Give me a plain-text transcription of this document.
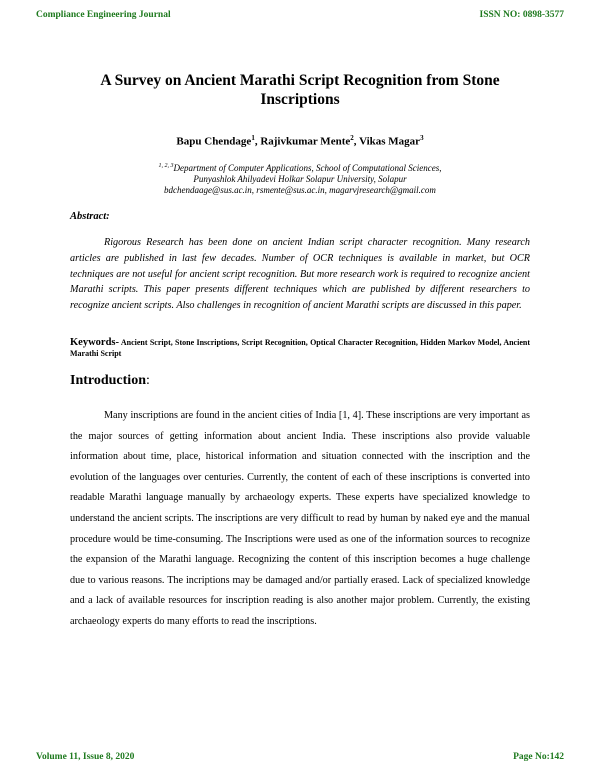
Compliance Engineering Journal	ISSN NO: 0898-3577
A Survey on Ancient Marathi Script Recognition from Stone Inscriptions
Bapu Chendage$^1$, Rajivkumar Mente$^2$, Vikas Magar$^3$
$^{1, 2, 3}$Department of Computer Applications, School of Computational Sciences,
Punyashlok Ahilyadevi Holkar Solapur University, Solapur
bdchendaage@sus.ac.in, rsmente@sus.ac.in, magarvjresearch@gmail.com
Abstract:
Rigorous Research has been done on ancient Indian script character recognition. Many research articles are published in last few decades. Number of OCR techniques is available in market, but OCR techniques are not useful for ancient script recognition. But more research work is required to recognize ancient Marathi scripts. This paper presents different techniques which are published by different researchers to recognize ancient scripts. Also challenges in recognition of ancient Marathi scripts are discussed in this paper.
Keywords- Ancient Script, Stone Inscriptions, Script Recognition, Optical Character Recognition, Hidden Markov Model, Ancient Marathi Script
Introduction:
Many inscriptions are found in the ancient cities of India [1, 4]. These inscriptions are very important as the major sources of getting information about ancient India. These inscriptions also provide valuable information about time, place, historical information and situation connected with the inscription and the evolution of the languages over centuries. Currently, the content of each of these inscriptions is converted into readable Marathi language manually by archaeology experts. These experts have specialized knowledge to understand the ancient scripts. The inscriptions are very difficult to read by human by naked eye and the manual procedure would be time-consuming. The Inscriptions were used as one of the information sources to recognize the expansion of the Marathi language. Recognizing the content of this inscription becomes a huge challenge due to various reasons. The incriptions may be damaged and/or partially erased. Lack of specialized knowledge and a lack of available resources for inscription reading is also another major problem. Currently, the existing archaeology experts do many efforts to read the inscriptions.
Volume 11, Issue 8, 2020	Page No:142
